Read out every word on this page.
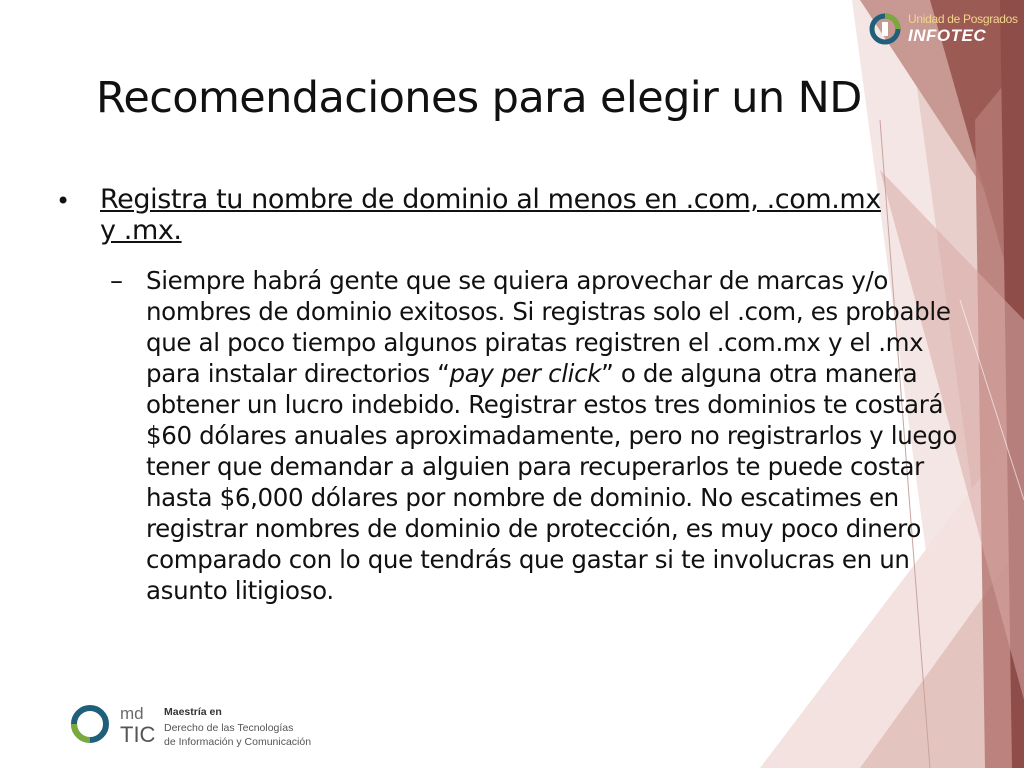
Unidad de Posgrados
INFOTEC
Recomendaciones para elegir un ND
• Registra tu nombre de dominio al menos en .com, .com.mx y .mx.
– Siempre habrá gente que se quiera aprovechar de marcas y/o nombres de dominio exitosos. Si registras solo el .com, es probable que al poco tiempo algunos piratas registren el .com.mx y el .mx para instalar directorios “pay per click” o de alguna otra manera obtener un lucro indebido. Registrar estos tres dominios te costará $60 dólares anuales aproximadamente, pero no registrarlos y luego tener que demandar a alguien para recuperarlos te puede costar hasta $6,000 dólares por nombre de dominio. No escatimes en registrar nombres de dominio de protección, es muy poco dinero comparado con lo que tendrás que gastar si te involucras en un asunto litigioso.
md
TIC
Maestría en
Derecho de las Tecnologías
de Información y Comunicación
